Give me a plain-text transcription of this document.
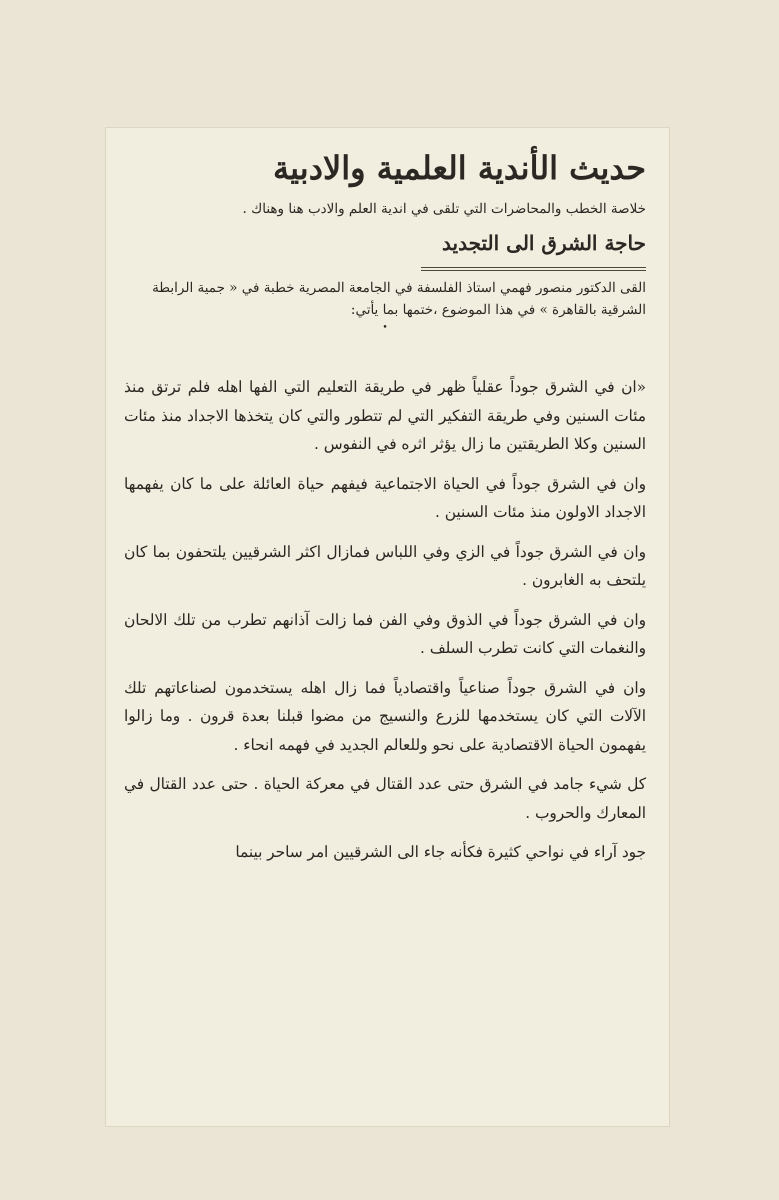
حديث الأندية العلمية والادبية

خلاصة الخطب والمحاضرات التي تلقى في اندية العلم والادب هنا وهناك .

حاجة الشرق الى التجديد

القى الدكتور منصور فهمي استاذ الفلسفة في الجامعة المصرية خطبة في « جمية الرابطة الشرقية بالقاهرة » في هذا الموضوع ،ختمها بما يأتي:

•

«ان في الشرق جوداً عقلياً ظهر في طريقة التعليم التي الفها اهله فلم ترتق منذ مئات السنين وفي طريقة التفكير التي لم تتطور والتي كان يتخذها الاجداد منذ مئات السنين وكلا الطريقتين ما زال يؤثر اثره في النفوس .

وان في الشرق جوداً في الحياة الاجتماعية فيفهم حياة العائلة على ما كان يفهمها الاجداد الاولون منذ مئات السنين .

وان في الشرق جوداً في الزي وفي اللباس فمازال اكثر الشرقيين يلتحفون بما كان يلتحف به الغابرون .

وان في الشرق جوداً في الذوق وفي الفن فما زالت آذانهم تطرب من تلك الالحان والنغمات التي كانت تطرب السلف .

وان في الشرق جوداً صناعياً واقتصادياً فما زال اهله يستخدمون لصناعاتهم تلك الآلات التي كان يستخدمها للزرع والنسيج من مضوا قبلنا بعدة قرون . وما زالوا يفهمون الحياة الاقتصادية على نحو وللعالم الجديد في فهمه انحاء .

كل شيء جامد في الشرق حتى عدد القتال في معركة الحياة . حتى عدد القتال في المعارك والحروب .

جود آراء في نواحي كثيرة فكأنه جاء الى الشرقيين امر ساحر بينما
